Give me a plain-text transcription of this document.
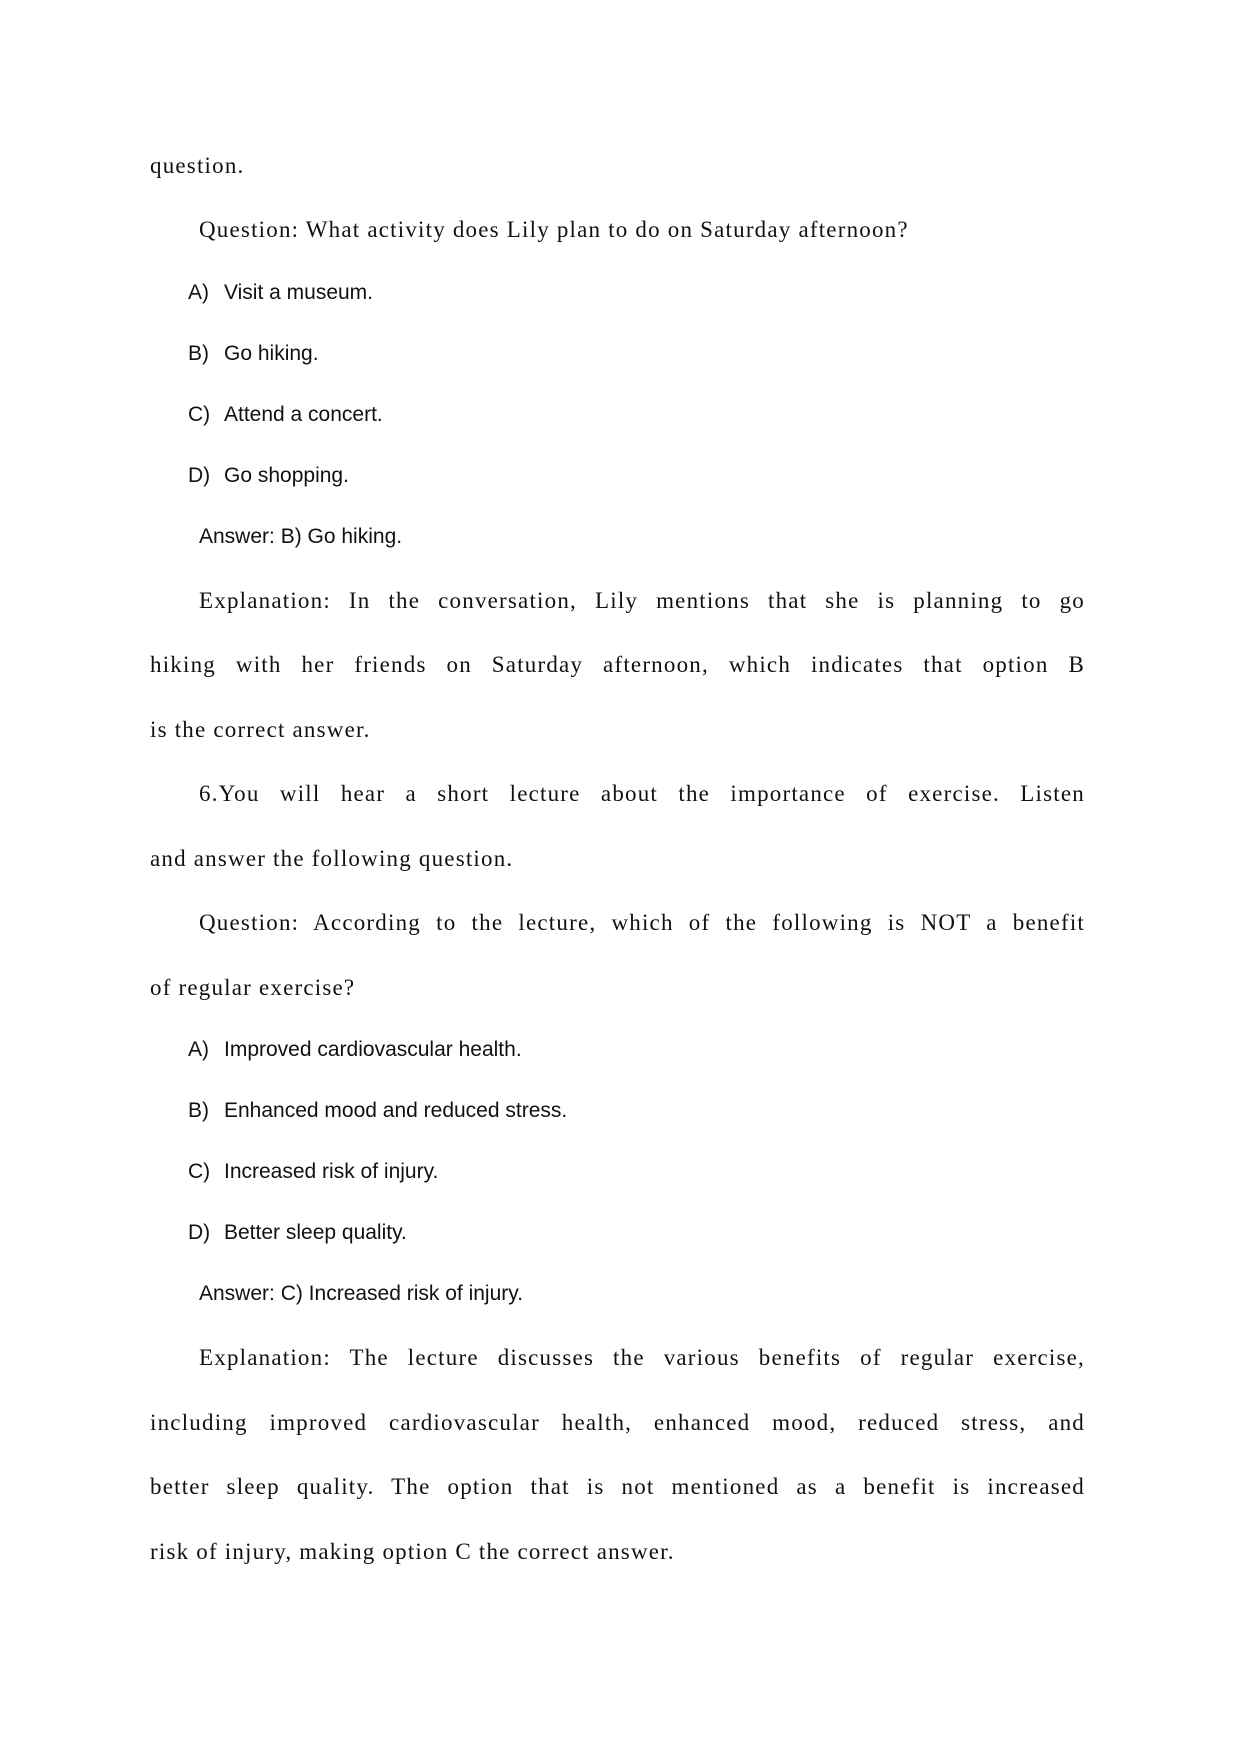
question.
Question: What activity does Lily plan to do on Saturday afternoon?
A) Visit a museum.
B) Go hiking.
C) Attend a concert.
D) Go shopping.
Answer: B) Go hiking.
Explanation: In the conversation, Lily mentions that she is planning to go
hiking with her friends on Saturday afternoon, which indicates that option B
is the correct answer.
6.You will hear a short lecture about the importance of exercise. Listen
and answer the following question.
Question: According to the lecture, which of the following is NOT a benefit
of regular exercise?
A) Improved cardiovascular health.
B) Enhanced mood and reduced stress.
C) Increased risk of injury.
D) Better sleep quality.
Answer: C) Increased risk of injury.
Explanation: The lecture discusses the various benefits of regular exercise,
including improved cardiovascular health, enhanced mood, reduced stress, and
better sleep quality. The option that is not mentioned as a benefit is increased
risk of injury, making option C the correct answer.
